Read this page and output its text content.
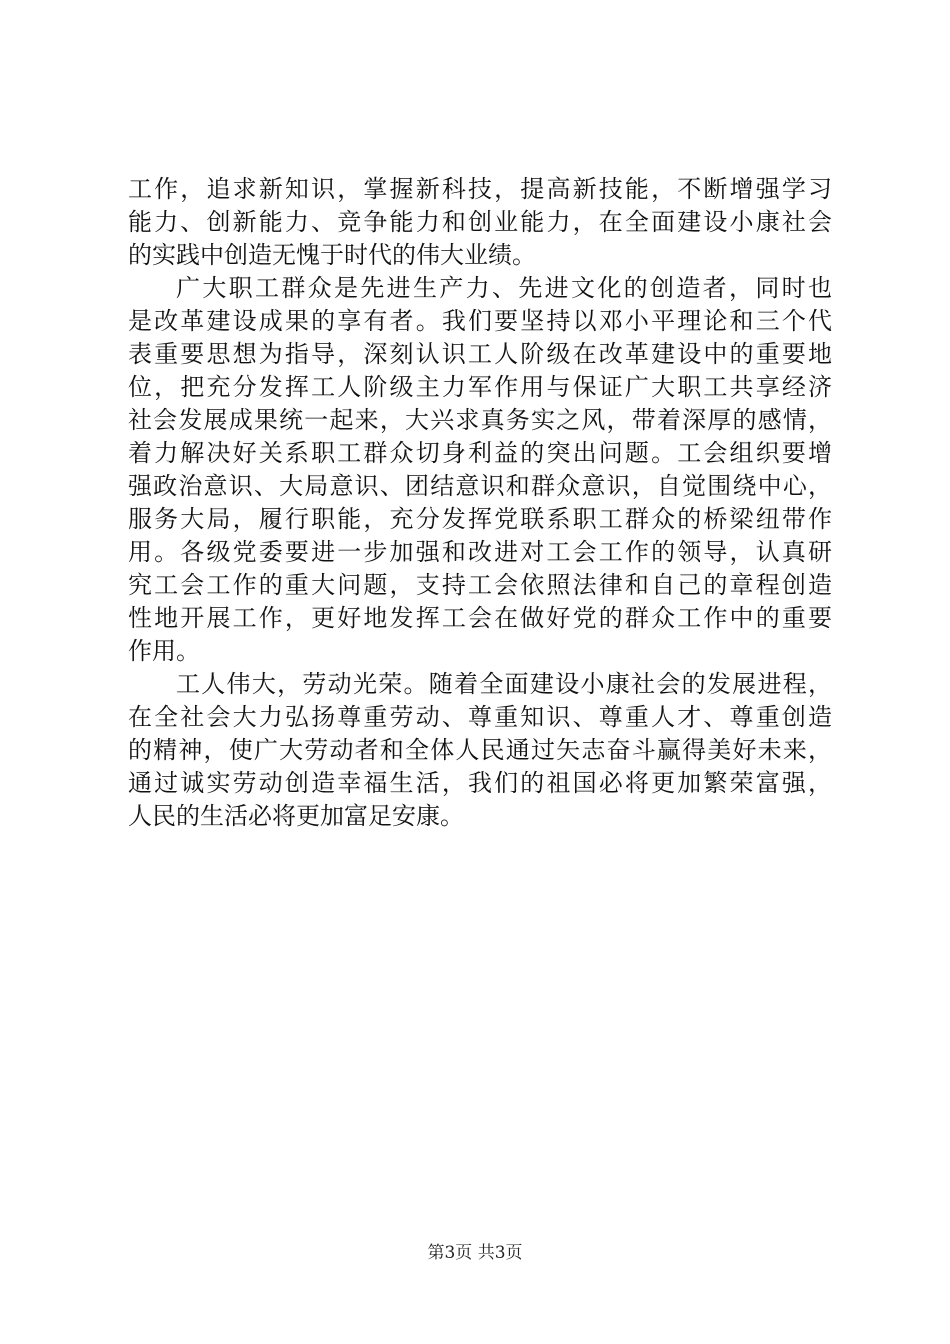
工作，追求新知识，掌握新科技，提高新技能，不断增强学习
能力、创新能力、竞争能力和创业能力，在全面建设小康社会
的实践中创造无愧于时代的伟大业绩。
广大职工群众是先进生产力、先进文化的创造者，同时也
是改革建设成果的享有者。我们要坚持以邓小平理论和三个代
表重要思想为指导，深刻认识工人阶级在改革建设中的重要地
位，把充分发挥工人阶级主力军作用与保证广大职工共享经济
社会发展成果统一起来，大兴求真务实之风，带着深厚的感情，
着力解决好关系职工群众切身利益的突出问题。工会组织要增
强政治意识、大局意识、团结意识和群众意识，自觉围绕中心，
服务大局，履行职能，充分发挥党联系职工群众的桥梁纽带作
用。各级党委要进一步加强和改进对工会工作的领导，认真研
究工会工作的重大问题，支持工会依照法律和自己的章程创造
性地开展工作，更好地发挥工会在做好党的群众工作中的重要
作用。
工人伟大，劳动光荣。随着全面建设小康社会的发展进程，
在全社会大力弘扬尊重劳动、尊重知识、尊重人才、尊重创造
的精神，使广大劳动者和全体人民通过矢志奋斗赢得美好未来，
通过诚实劳动创造幸福生活，我们的祖国必将更加繁荣富强，
人民的生活必将更加富足安康。
第3页 共3页
